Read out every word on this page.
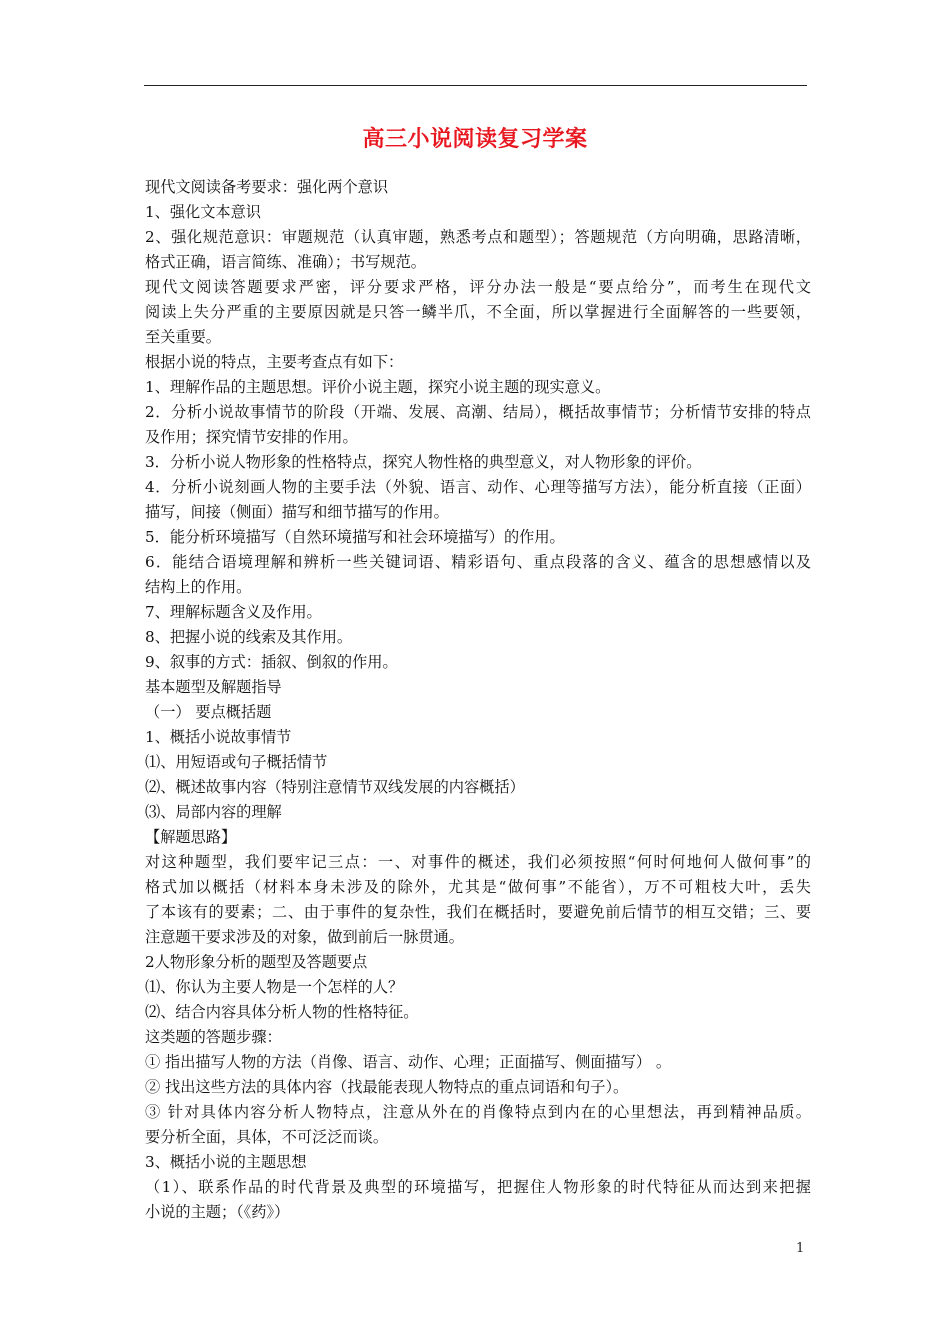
高三小说阅读复习学案
现代文阅读备考要求：强化两个意识
1、强化文本意识
2、强化规范意识：审题规范（认真审题，熟悉考点和题型）；答题规范（方向明确，思路清晰，
格式正确，语言简练、准确）；书写规范。
现代文阅读答题要求严密，评分要求严格，评分办法一般是“要点给分”，而考生在现代文
阅读上失分严重的主要原因就是只答一鳞半爪，不全面，所以掌握进行全面解答的一些要领，
至关重要。
根据小说的特点，主要考查点有如下：
1、理解作品的主题思想。评价小说主题，探究小说主题的现实意义。
2．分析小说故事情节的阶段（开端、发展、高潮、结局），概括故事情节；分析情节安排的特点
及作用；探究情节安排的作用。
3．分析小说人物形象的性格特点，探究人物性格的典型意义，对人物形象的评价。
4．分析小说刻画人物的主要手法（外貌、语言、动作、心理等描写方法），能分析直接（正面）
描写，间接（侧面）描写和细节描写的作用。
5．能分析环境描写（自然环境描写和社会环境描写）的作用。
6．能结合语境理解和辨析一些关键词语、精彩语句、重点段落的含义、蕴含的思想感情以及
结构上的作用。
7、理解标题含义及作用。
8、把握小说的线索及其作用。
9、叙事的方式：插叙、倒叙的作用。
基本题型及解题指导
（一） 要点概括题
1、概括小说故事情节
⑴、用短语或句子概括情节
⑵、概述故事内容（特别注意情节双线发展的内容概括）
⑶、局部内容的理解
【解题思路】
对这种题型，我们要牢记三点：一、对事件的概述，我们必须按照“何时何地何人做何事”的
格式加以概括（材料本身未涉及的除外，尤其是“做何事”不能省），万不可粗枝大叶，丢失
了本该有的要素；二、由于事件的复杂性，我们在概括时，要避免前后情节的相互交错；三、要
注意题干要求涉及的对象，做到前后一脉贯通。
2人物形象分析的题型及答题要点
⑴、你认为主要人物是一个怎样的人？
⑵、结合内容具体分析人物的性格特征。
这类题的答题步骤：
① 指出描写人物的方法（肖像、语言、动作、心理；正面描写、侧面描写） 。
② 找出这些方法的具体内容（找最能表现人物特点的重点词语和句子）。
③ 针对具体内容分析人物特点，注意从外在的肖像特点到内在的心里想法，再到精神品质。
要分析全面，具体，不可泛泛而谈。
3、概括小说的主题思想
（1）、联系作品的时代背景及典型的环境描写，把握住人物形象的时代特征从而达到来把握
小说的主题；（《药》）
1
